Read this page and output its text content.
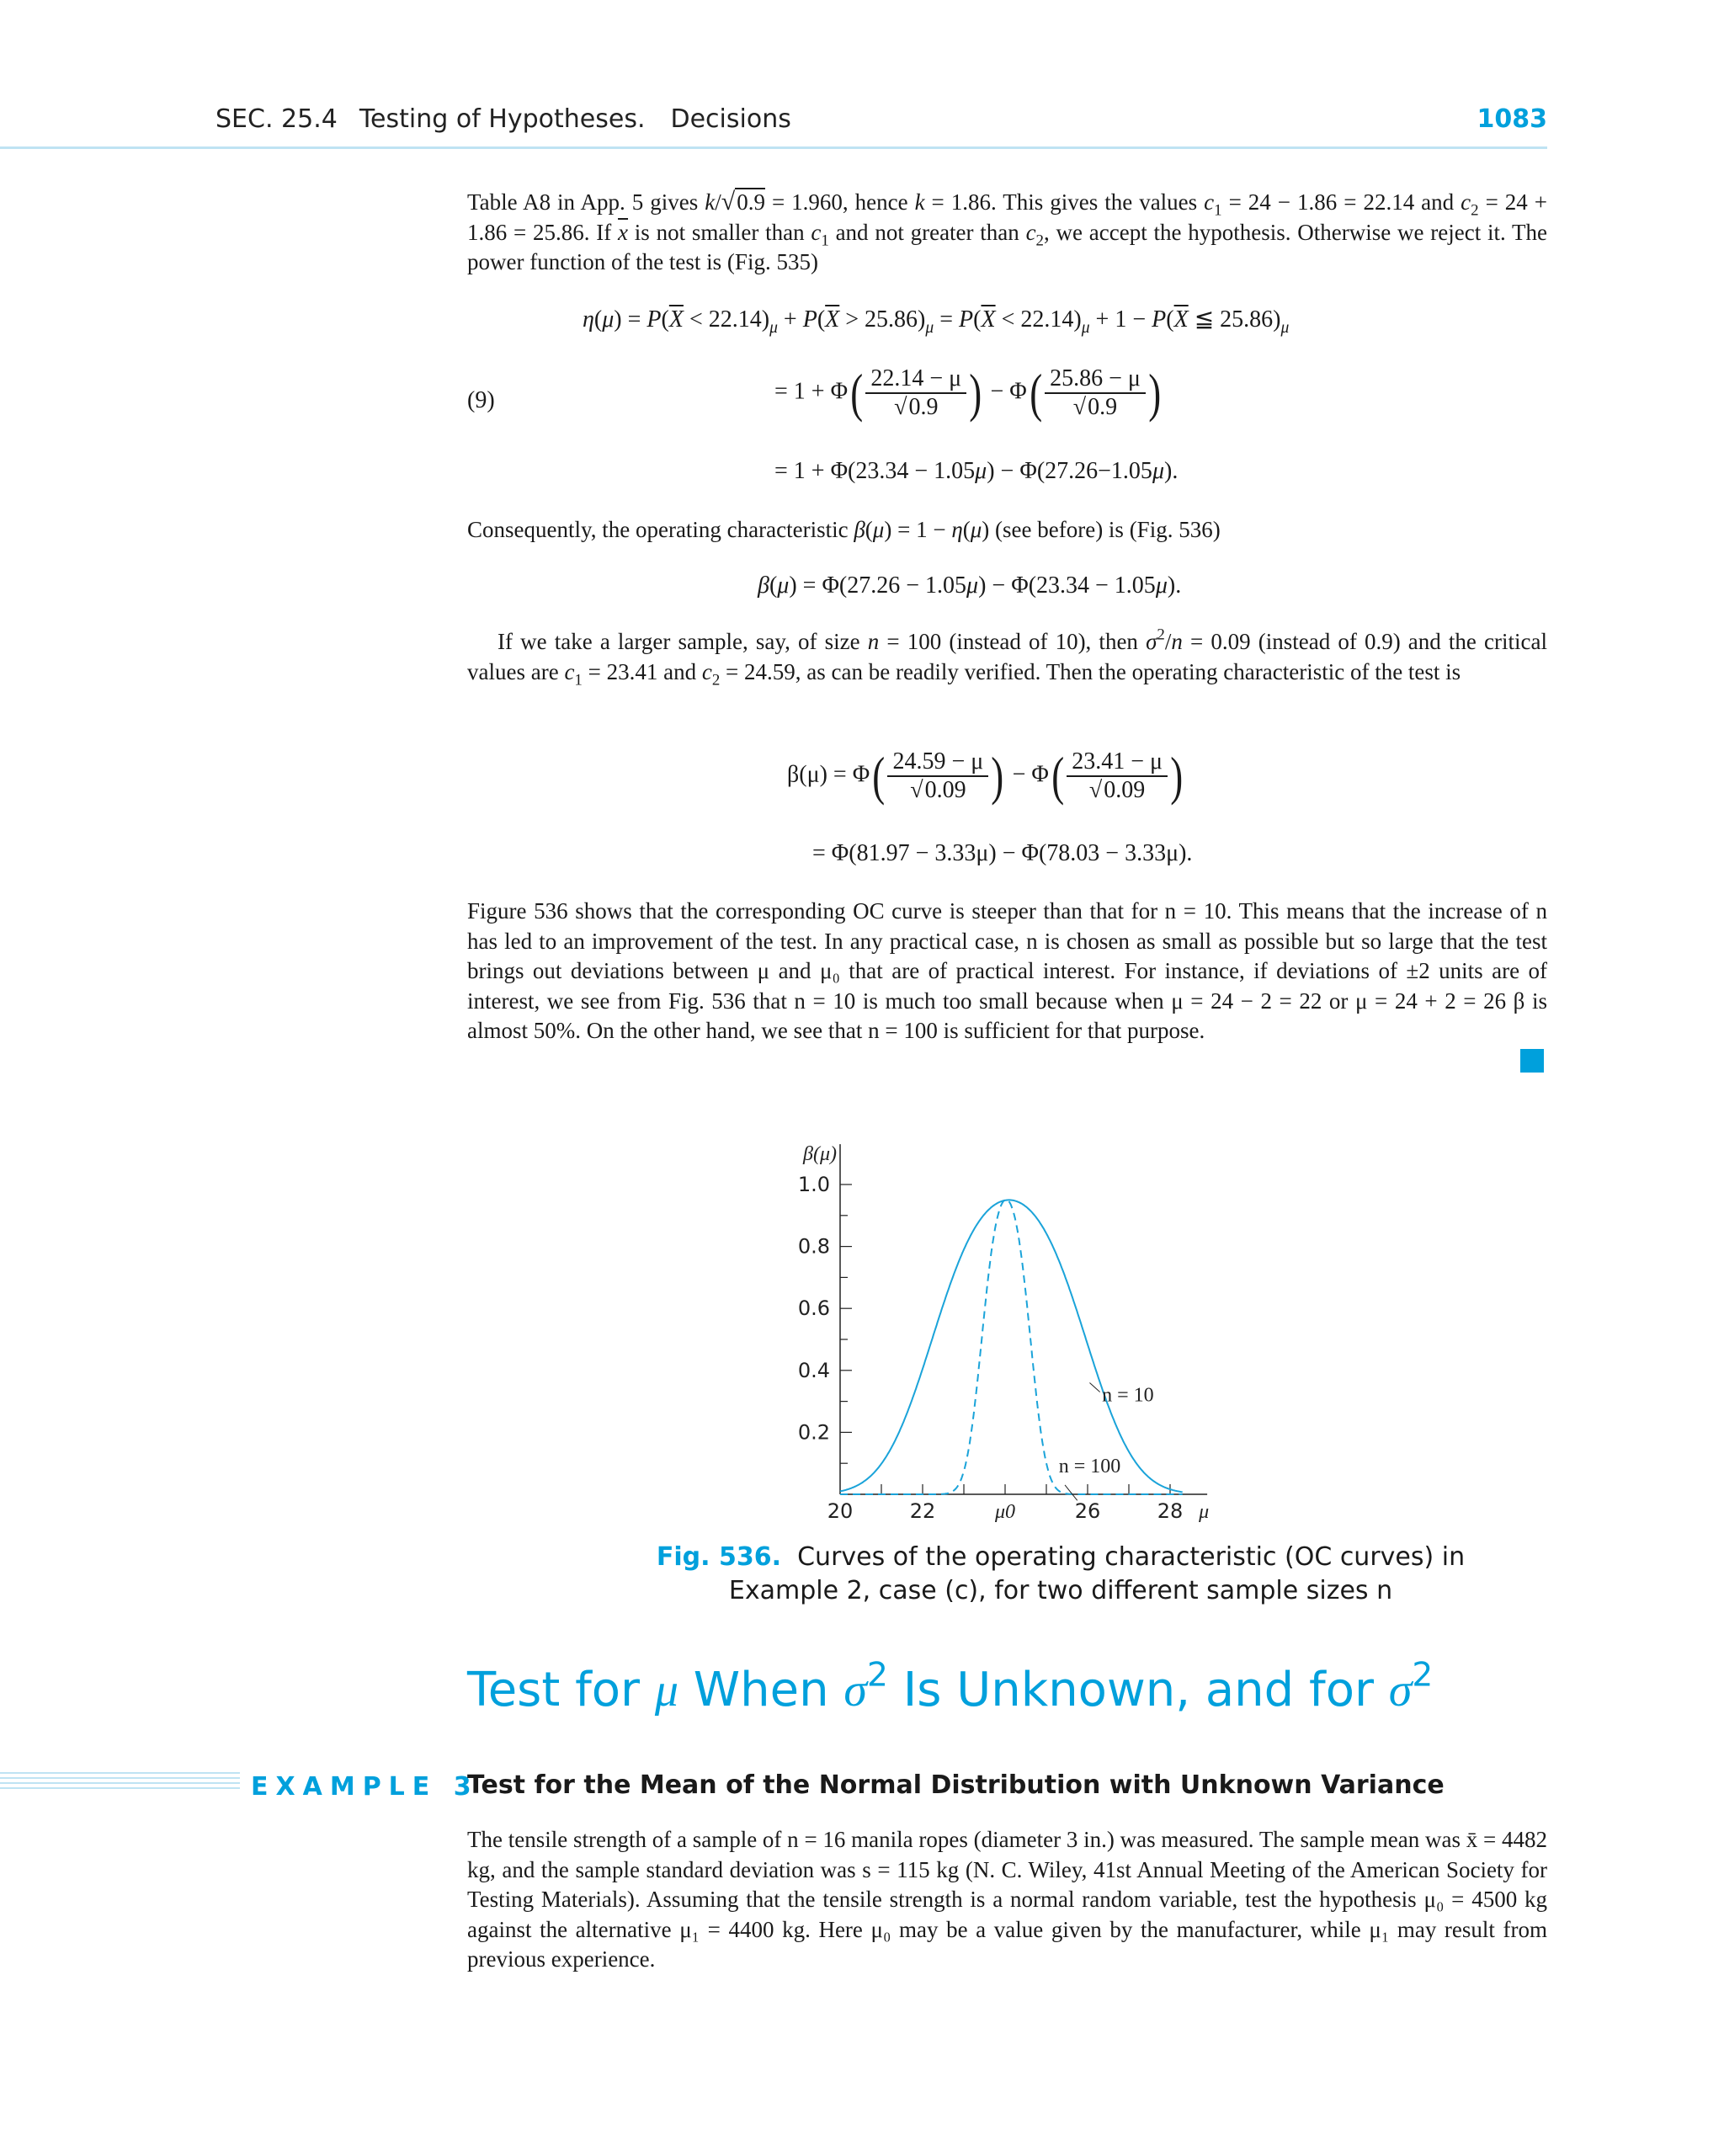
SEC. 25.4 Testing of Hypotheses. Decisions	1083

Table A8 in App. 5 gives k/√0.9 = 1.960, hence k = 1.86. This gives the values $c_1 = 24 - 1.86 = 22.14$ and $c_2 = 24 + 1.86 = 25.86$. If $\overline{x}$ is not smaller than $c_1$ and not greater than $c_2$, we accept the hypothesis. Otherwise we reject it. The power function of the test is (Fig. 535)

$\eta(\mu) = P(\overline{X} < 22.14)_\mu + P(\overline{X} > 25.86)_\mu = P(\overline{X} < 22.14)_\mu + 1 - P(\overline{X}$ ≦ $25.86)_\mu$
(9)	= $1 + \Phi( \frac{22.14 - \mu}{√0.9}$ ) − $\Phi( \frac{25.86 - \mu}{√0.9}$ )
= 1 + Φ(23.34 − 1.05μ) − Φ(27.26−1.05μ).

Consequently, the operating characteristic β(μ) = 1 − η(μ) (see before) is (Fig. 536)

β(μ) = Φ(27.26 − 1.05μ) − Φ(23.34 − 1.05μ).

If we take a larger sample, say, of size n = 100 (instead of 10), then $\sigma^2/n = 0.09$ (instead of 0.9) and the critical values are $c_1 = 23.41$ and $c_2 = 24.59$, as can be readily verified. Then the operating characteristic of the test is

$\beta(\mu) = \Phi( \frac{24.59 - \mu}{√0.09}$ ) − $\Phi( \frac{23.41 - \mu}{√0.09}$ )
= Φ(81.97 − 3.33μ) − Φ(78.03 − 3.33μ).

Figure 536 shows that the corresponding OC curve is steeper than that for n = 10. This means that the increase of n has led to an improvement of the test. In any practical case, n is chosen as small as possible but so large that the test brings out deviations between μ and μ₀ that are of practical interest. For instance, if deviations of ±2 units are of interest, we see from Fig. 536 that n = 10 is much too small because when μ = 24 − 2 = 22 or μ = 24 + 2 = 26 β is almost 50%. On the other hand, we see that n = 100 is sufficient for that purpose.

1.0
0.8
0.6
0.4
0.2
β(μ)
20	22	μ0	26	28 μ
n = 10
n = 100
Fig. 536. Curves of the operating characteristic (OC curves) in
Example 2, case (c), for two different sample sizes n
Test for μ When $\sigma^2$ Is Unknown, and for $\sigma^2$
EXAMPLE 3
Test for the Mean of the Normal Distribution with Unknown Variance

The tensile strength of a sample of n = 16 manila ropes (diameter 3 in.) was measured. The sample mean was x̄ = 4482 kg, and the sample standard deviation was s = 115 kg (N. C. Wiley, 41st Annual Meeting of the American Society for Testing Materials). Assuming that the tensile strength is a normal random variable, test the hypothesis μ₀ = 4500 kg against the alternative μ₁ = 4400 kg. Here μ₀ may be a value given by the manufacturer, while μ₁ may result from previous experience.
